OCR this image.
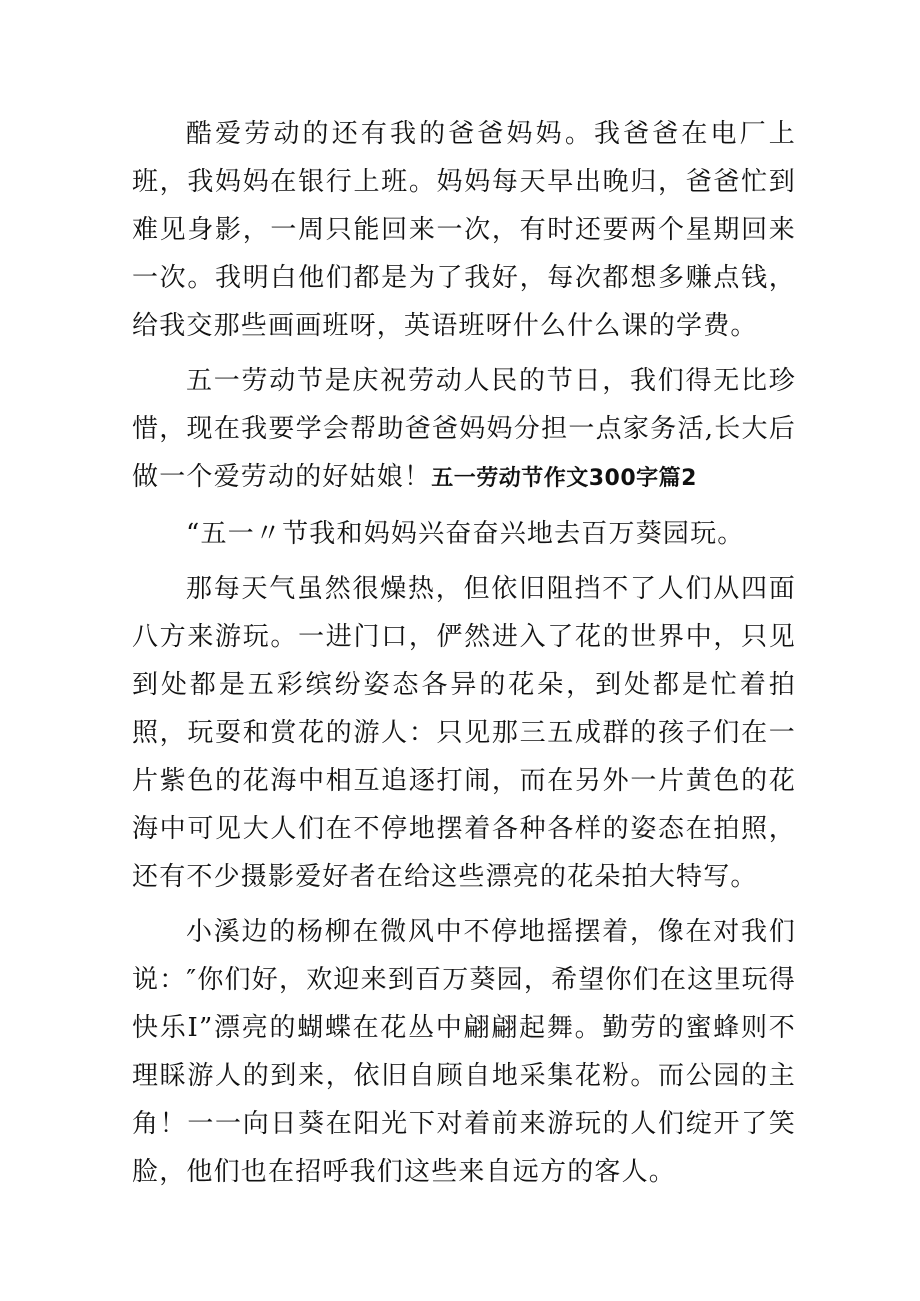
酷爱劳动的还有我的爸爸妈妈。我爸爸在电厂上班，我妈妈在银行上班。妈妈每天早出晚归，爸爸忙到难见身影，一周只能回来一次，有时还要两个星期回来一次。我明白他们都是为了我好，每次都想多赚点钱，给我交那些画画班呀，英语班呀什么什么课的学费。

五一劳动节是庆祝劳动人民的节日，我们得无比珍惜，现在我要学会帮助爸爸妈妈分担一点家务活,长大后做一个爱劳动的好姑娘！五一劳动节作文300字篇2

“五一〃节我和妈妈兴奋奋兴地去百万葵园玩。

那每天气虽然很燥热，但依旧阻挡不了人们从四面八方来游玩。一进门口，俨然进入了花的世界中，只见到处都是五彩缤纷姿态各异的花朵，到处都是忙着拍照，玩耍和赏花的游人：只见那三五成群的孩子们在一片紫色的花海中相互追逐打闹，而在另外一片黄色的花海中可见大人们在不停地摆着各种各样的姿态在拍照，还有不少摄影爱好者在给这些漂亮的花朵拍大特写。

小溪边的杨柳在微风中不停地摇摆着，像在对我们说：″你们好，欢迎来到百万葵园，希望你们在这里玩得快乐I”漂亮的蝴蝶在花丛中翩翩起舞。勤劳的蜜蜂则不理睬游人的到来，依旧自顾自地采集花粉。而公园的主角！一一向日葵在阳光下对着前来游玩的人们绽开了笑脸，他们也在招呼我们这些来自远方的客人。
